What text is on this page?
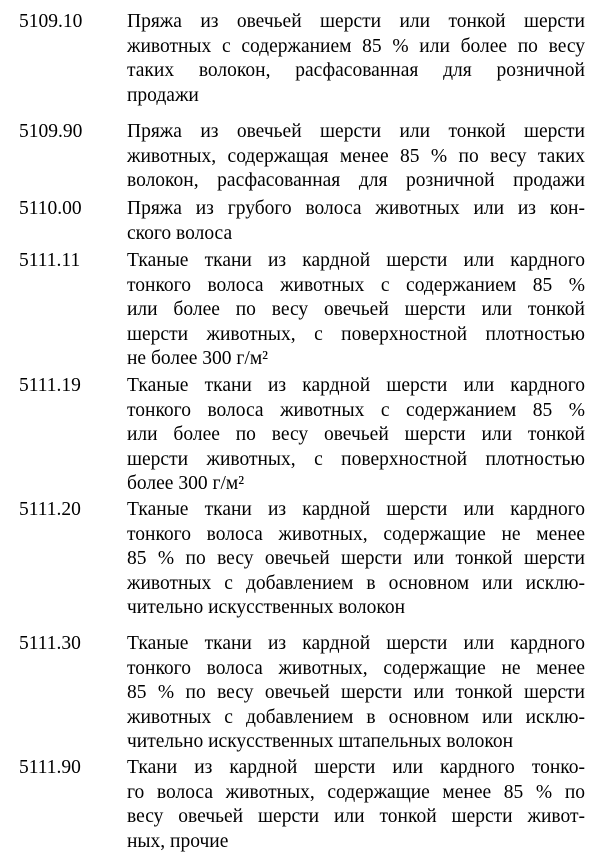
5109.10 Пряжа из овечьей шерсти или тонкой шерсти
животных с содержанием 85 % или более по весу
таких волокон, расфасованная для розничной
продажи
5109.90 Пряжа из овечьей шерсти или тонкой шерсти
животных, содержащая менее 85 % по весу таких
волокон, расфасованная для розничной продажи
5110.00 Пряжа из грубого волоса животных или из кон-
ского волоса
5111.11 Тканые ткани из кардной шерсти или кардного
тонкого волоса животных с содержанием 85 %
или более по весу овечьей шерсти или тонкой
шерсти животных, с поверхностной плотностью
не более 300 г/м²
5111.19 Тканые ткани из кардной шерсти или кардного
тонкого волоса животных с содержанием 85 %
или более по весу овечьей шерсти или тонкой
шерсти животных, с поверхностной плотностью
более 300 г/м²
5111.20 Тканые ткани из кардной шерсти или кардного
тонкого волоса животных, содержащие не менее
85 % по весу овечьей шерсти или тонкой шерсти
животных с добавлением в основном или исклю-
чительно искусственных волокон
5111.30 Тканые ткани из кардной шерсти или кардного
тонкого волоса животных, содержащие не менее
85 % по весу овечьей шерсти или тонкой шерсти
животных с добавлением в основном или исклю-
чительно искусственных штапельных волокон
5111.90 Ткани из кардной шерсти или кардного тонко-
го волоса животных, содержащие менее 85 % по
весу овечьей шерсти или тонкой шерсти живот-
ных, прочие
